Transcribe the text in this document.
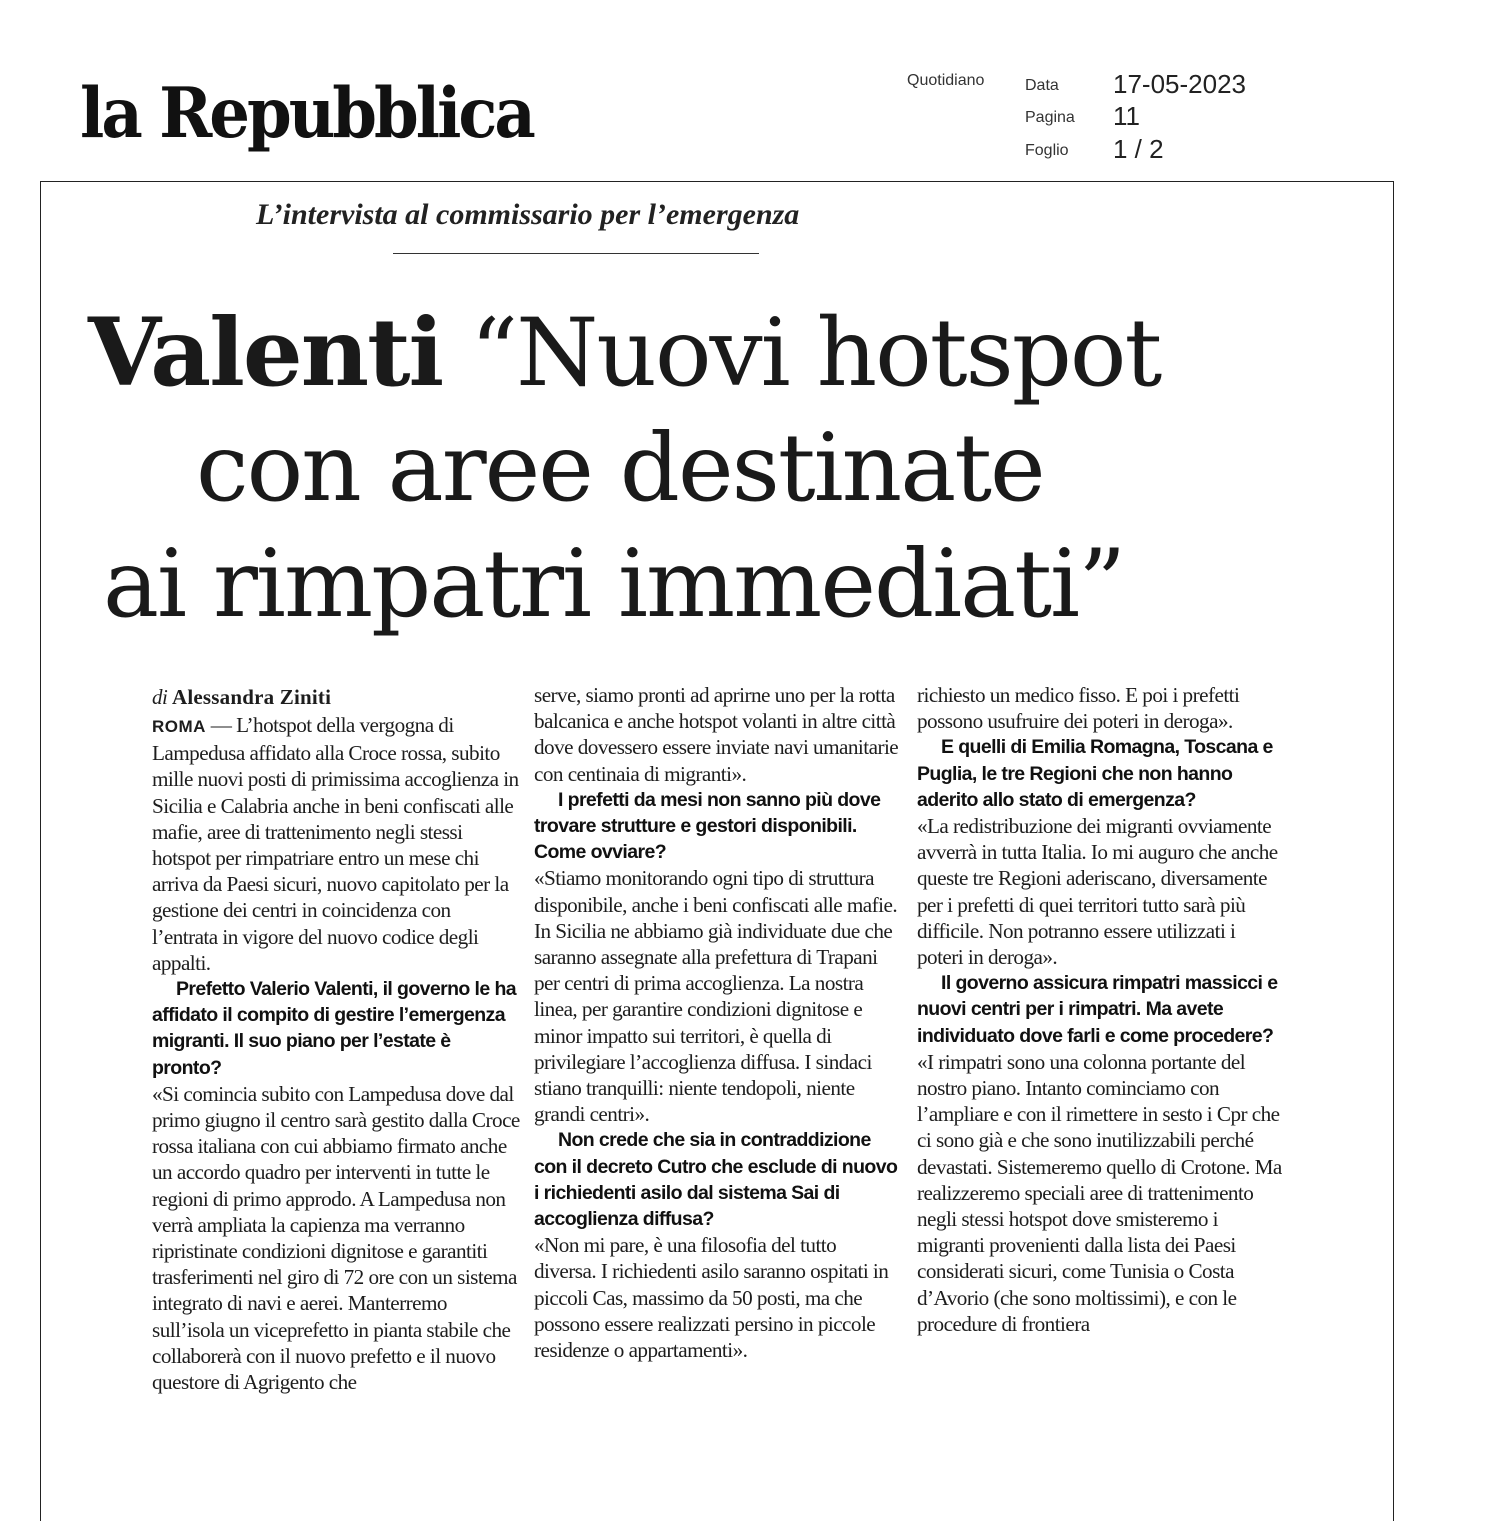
la Repubblica	Quotidiano	Data
Pagina
Foglio
17-05-2023
11
1 / 2
L’intervista al commissario per l’emergenza
Valenti “Nuovi hotspot
con aree destinate
ai rimpatri immediati”
di Alessandra Ziniti

ROMA — L’hotspot della vergogna di Lampedusa affidato alla Croce rossa, subito mille nuovi posti di primissima accoglienza in Sicilia e Calabria anche in beni confiscati alle mafie, aree di trattenimento negli stessi hotspot per rimpatriare entro un mese chi arriva da Paesi sicuri, nuovo capitolato per la gestione dei centri in coincidenza con l’entrata in vigore del nuovo codice degli appalti.

Prefetto Valerio Valenti, il governo le ha affidato il compito di gestire l’emergenza migranti. Il suo piano per l’estate è pronto?

«Si comincia subito con Lampedusa dove dal primo giugno il centro sarà gestito dalla Croce rossa italiana con cui abbiamo firmato anche un accordo quadro per interventi in tutte le regioni di primo approdo. A Lampedusa non verrà ampliata la capienza ma verranno ripristinate condizioni dignitose e garantiti trasferimenti nel giro di 72 ore con un sistema integrato di navi e aerei. Manterremo sull’isola un viceprefetto in pianta stabile che collaborerà con il nuovo prefetto e il nuovo questore di Agrigento che

serve, siamo pronti ad aprirne uno per la rotta balcanica e anche hotspot volanti in altre città dove dovessero essere inviate navi umanitarie con centinaia di migranti».

I prefetti da mesi non sanno più dove trovare strutture e gestori disponibili. Come ovviare?

«Stiamo monitorando ogni tipo di struttura disponibile, anche i beni confiscati alle mafie. In Sicilia ne abbiamo già individuate due che saranno assegnate alla prefettura di Trapani per centri di prima accoglienza. La nostra linea, per garantire condizioni dignitose e minor impatto sui territori, è quella di privilegiare l’accoglienza diffusa. I sindaci stiano tranquilli: niente tendopoli, niente grandi centri».

Non crede che sia in contraddizione con il decreto Cutro che esclude di nuovo i richiedenti asilo dal sistema Sai di accoglienza diffusa?

«Non mi pare, è una filosofia del tutto diversa. I richiedenti asilo saranno ospitati in piccoli Cas, massimo da 50 posti, ma che possono essere realizzati persino in piccole residenze o appartamenti».

richiesto un medico fisso. E poi i prefetti possono usufruire dei poteri in deroga».

E quelli di Emilia Romagna, Toscana e Puglia, le tre Regioni che non hanno aderito allo stato di emergenza?

«La redistribuzione dei migranti ovviamente avverrà in tutta Italia. Io mi auguro che anche queste tre Regioni aderiscano, diversamente per i prefetti di quei territori tutto sarà più difficile. Non potranno essere utilizzati i poteri in deroga».

Il governo assicura rimpatri massicci e nuovi centri per i rimpatri. Ma avete individuato dove farli e come procedere?

«I rimpatri sono una colonna portante del nostro piano. Intanto cominciamo con l’ampliare e con il rimettere in sesto i Cpr che ci sono già e che sono inutilizzabili perché devastati. Sistemeremo quello di Crotone. Ma realizzeremo speciali aree di trattenimento negli stessi hotspot dove smisteremo i migranti provenienti dalla lista dei Paesi considerati sicuri, come Tunisia o Costa d’Avorio (che sono moltissimi), e con le procedure di frontiera
